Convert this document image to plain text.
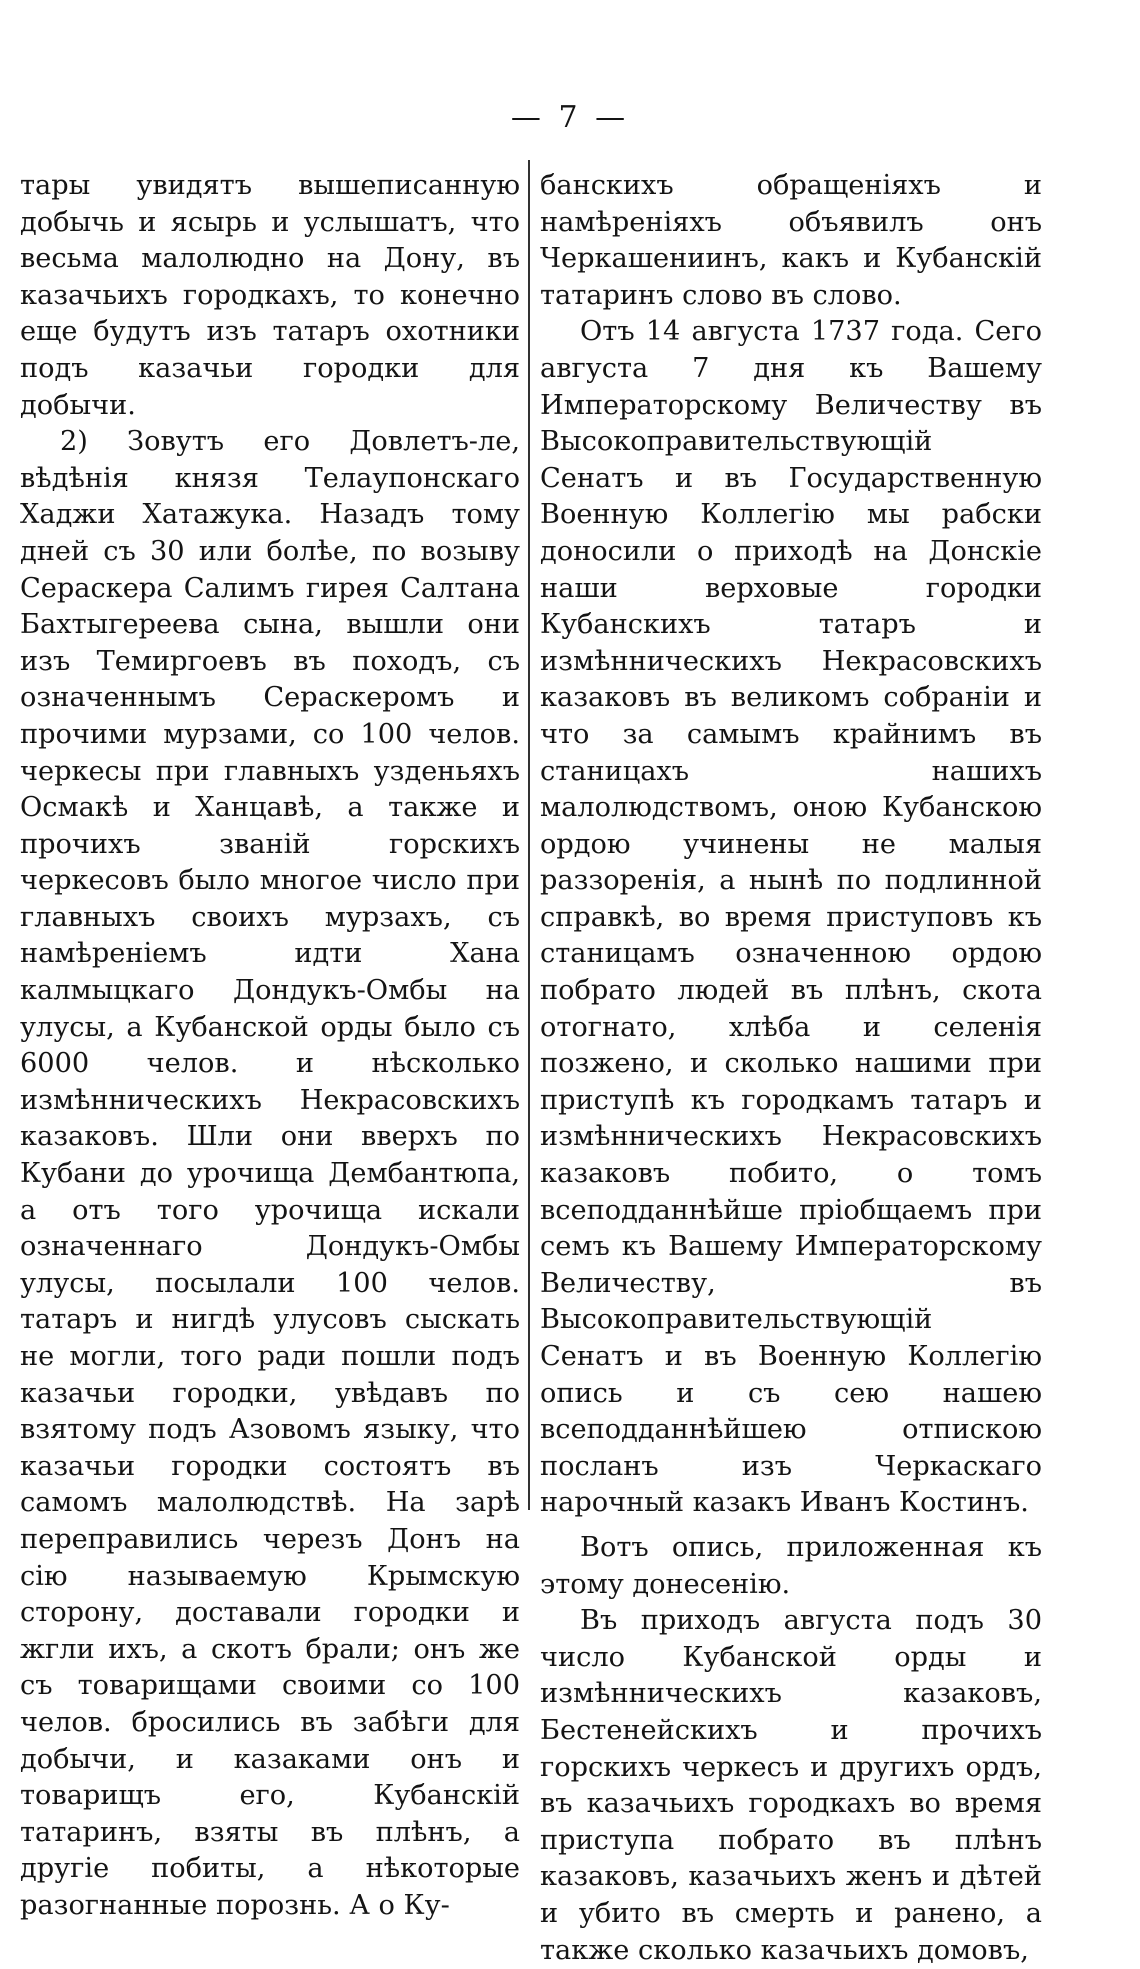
— 7 —

тары увидятъ вышеписанную добычь и ясырь и услышатъ, что весьма малолюдно на Дону, въ казачьихъ городкахъ, то конечно еще будутъ изъ татаръ охотники подъ казачьи городки для добычи.

2) Зовутъ его Довлетъ-ле, вѣдѣнія князя Телаупонскаго Хаджи Хатажука. Назадъ тому дней съ 30 или болѣе, по возыву Сераскера Салимъ гирея Салтана Бахтыгереева сына, вышли они изъ Темиргоевъ въ походъ, съ означеннымъ Сераскеромъ и прочими мурзами, со 100 челов. черкесы при главныхъ узденьяхъ Осмакѣ и Ханцавѣ, а также и прочихъ званій горскихъ черкесовъ было многое число при главныхъ своихъ мурзахъ, съ намѣреніемъ идти Хана калмыцкаго Дондукъ-Омбы на улусы, а Кубанской орды было съ 6000 челов. и нѣсколько измѣнническихъ Некрасовскихъ казаковъ. Шли они вверхъ по Кубани до урочища Дембантюпа, а отъ того урочища искали означеннаго Дондукъ-Омбы улусы, посылали 100 челов. татаръ и нигдѣ улусовъ сыскать не могли, того ради пошли подъ казачьи городки, увѣдавъ по взятому подъ Азовомъ языку, что казачьи городки состоятъ въ самомъ малолюдствѣ. На зарѣ переправились черезъ Донъ на сію называемую Крымскую сторону, доставали городки и жгли ихъ, а скотъ брали; онъ же съ товарищами своими со 100 челов. бросились въ забѣги для добычи, и казаками онъ и товарищъ его, Кубанскій татаринъ, взяты въ плѣнъ, а другіе побиты, а нѣкоторые разогнанные порознь. А о Ку-

банскихъ обращеніяхъ и намѣреніяхъ объявилъ онъ Черкашениинъ, какъ и Кубанскій татаринъ слово въ слово.

Отъ 14 августа 1737 года. Сего августа 7 дня къ Вашему Императорскому Величеству въ Высокоправительствующій Сенатъ и въ Государственную Военную Коллегію мы рабски доносили о приходѣ на Донскіе наши верховые городки Кубанскихъ татаръ и измѣнническихъ Некрасовскихъ казаковъ въ великомъ собраніи и что за самымъ крайнимъ въ станицахъ нашихъ малолюдствомъ, оною Кубанскою ордою учинены не малыя раззоренія, а нынѣ по подлинной справкѣ, во время приступовъ къ станицамъ означенною ордою побрато людей въ плѣнъ, скота отогнато, хлѣба и селенія позжено, и сколько нашими при приступѣ къ городкамъ татаръ и измѣнническихъ Некрасовскихъ казаковъ побито, о томъ всеподданнѣйше пріобщаемъ при семъ къ Вашему Императорскому Величеству, въ Высокоправительствующій Сенатъ и въ Военную Коллегію опись и съ сею нашею всеподданнѣйшею отпискою посланъ изъ Черкаскаго нарочный казакъ Иванъ Костинъ.

Вотъ опись, приложенная къ этому донесенію.

Въ приходъ августа подъ 30 число Кубанской орды и измѣнническихъ казаковъ, Бестенейскихъ и прочихъ горскихъ черкесъ и другихъ ордъ, въ казачьихъ городкахъ во время приступа побрато въ плѣнъ казаковъ, казачьихъ женъ и дѣтей и убито въ смерть и ранено, а также сколько казачьихъ домовъ,
